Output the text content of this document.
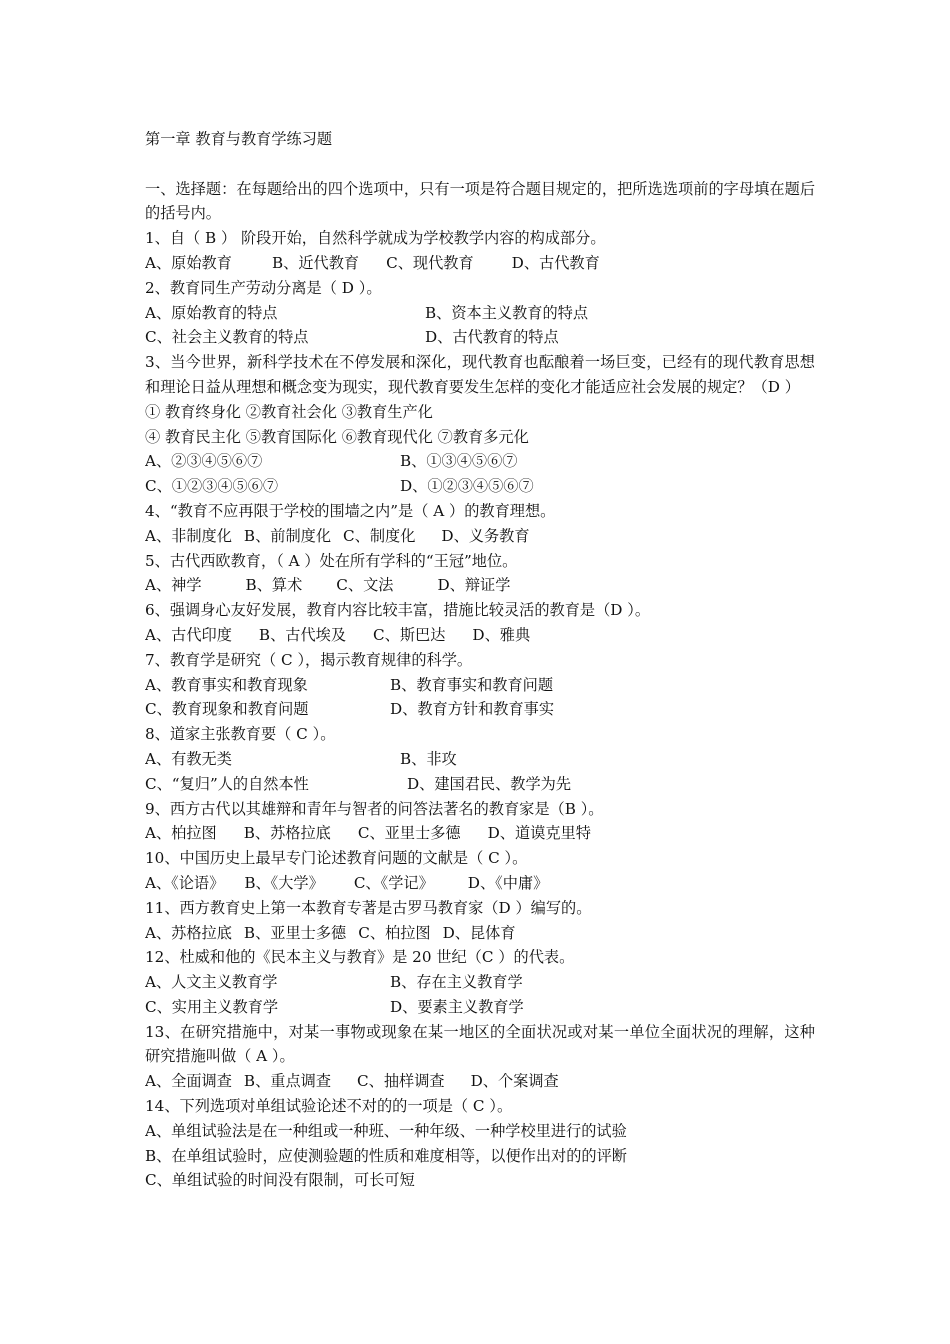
第一章 教育与教育学练习题

一、选择题：在每题给出的四个选项中，只有一项是符合题目规定的，把所选选项前的字母填在题后的括号内。

1、自（ B ） 阶段开始，自然科学就成为学校教学内容的构成部分。
A、原始教育	B、近代教育 C、现代教育	D、古代教育
2、教育同生产劳动分离是（ D ）。
A、原始教育的特点	B、资本主义教育的特点
C、社会主义教育的特点	D、古代教育的特点
3、当今世界，新科学技术在不停发展和深化，现代教育也酝酿着一场巨变，已经有的现代教育思想和理论日益从理想和概念变为现实，现代教育要发生怎样的变化才能适应社会发展的规定？（D ）
① 教育终身化 ②教育社会化 ③教育生产化
④ 教育民主化 ⑤教育国际化 ⑥教育现代化 ⑦教育多元化
A、②③④⑤⑥⑦	B、①③④⑤⑥⑦
C、①②③④⑤⑥⑦	D、①②③④⑤⑥⑦
4、“教育不应再限于学校的围墙之内”是（ A ）的教育理想。
A、非制度化 B、前制度化 C、制度化 D、义务教育
5、古代西欧教育，（ A ）处在所有学科的“王冠”地位。
A、神学	B、算术 C、文法	D、辩证学
6、强调身心友好发展，教育内容比较丰富，措施比较灵活的教育是（D ）。
A、古代印度 B、古代埃及 C、斯巴达 D、雅典
7、教育学是研究（ C ），揭示教育规律的科学。
A、教育事实和教育现象	B、教育事实和教育问题
C、教育现象和教育问题	D、教育方针和教育事实
8、道家主张教育要（ C ）。
A、有教无类	B、非攻
C、“复归”人的自然本性	D、建国君民、教学为先
9、西方古代以其雄辩和青年与智者的问答法著名的教育家是（B ）。
A、柏拉图 B、苏格拉底 C、亚里士多德 D、道谟克里特
10、中国历史上最早专门论述教育问题的文献是（ C ）。
A、《论语》 B、《大学》 C、《学记》 D、《中庸》
11、西方教育史上第一本教育专著是古罗马教育家（D ）编写的。
A、苏格拉底 B、亚里士多德 C、柏拉图 D、昆体育
12、杜威和他的《民本主义与教育》是 20 世纪（C ）的代表。
A、人文主义教育学	B、存在主义教育学
C、实用主义教育学	D、要素主义教育学
13、在研究措施中，对某一事物或现象在某一地区的全面状况或对某一单位全面状况的理解，这种研究措施叫做（ A ）。
A、全面调查 B、重点调查 C、抽样调查 D、个案调查
14、下列选项对单组试验论述不对的的一项是（ C ）。
A、单组试验法是在一种组或一种班、一种年级、一种学校里进行的试验
B、在单组试验时，应使测验题的性质和难度相等，以便作出对的的评断
C、单组试验的时间没有限制，可长可短
